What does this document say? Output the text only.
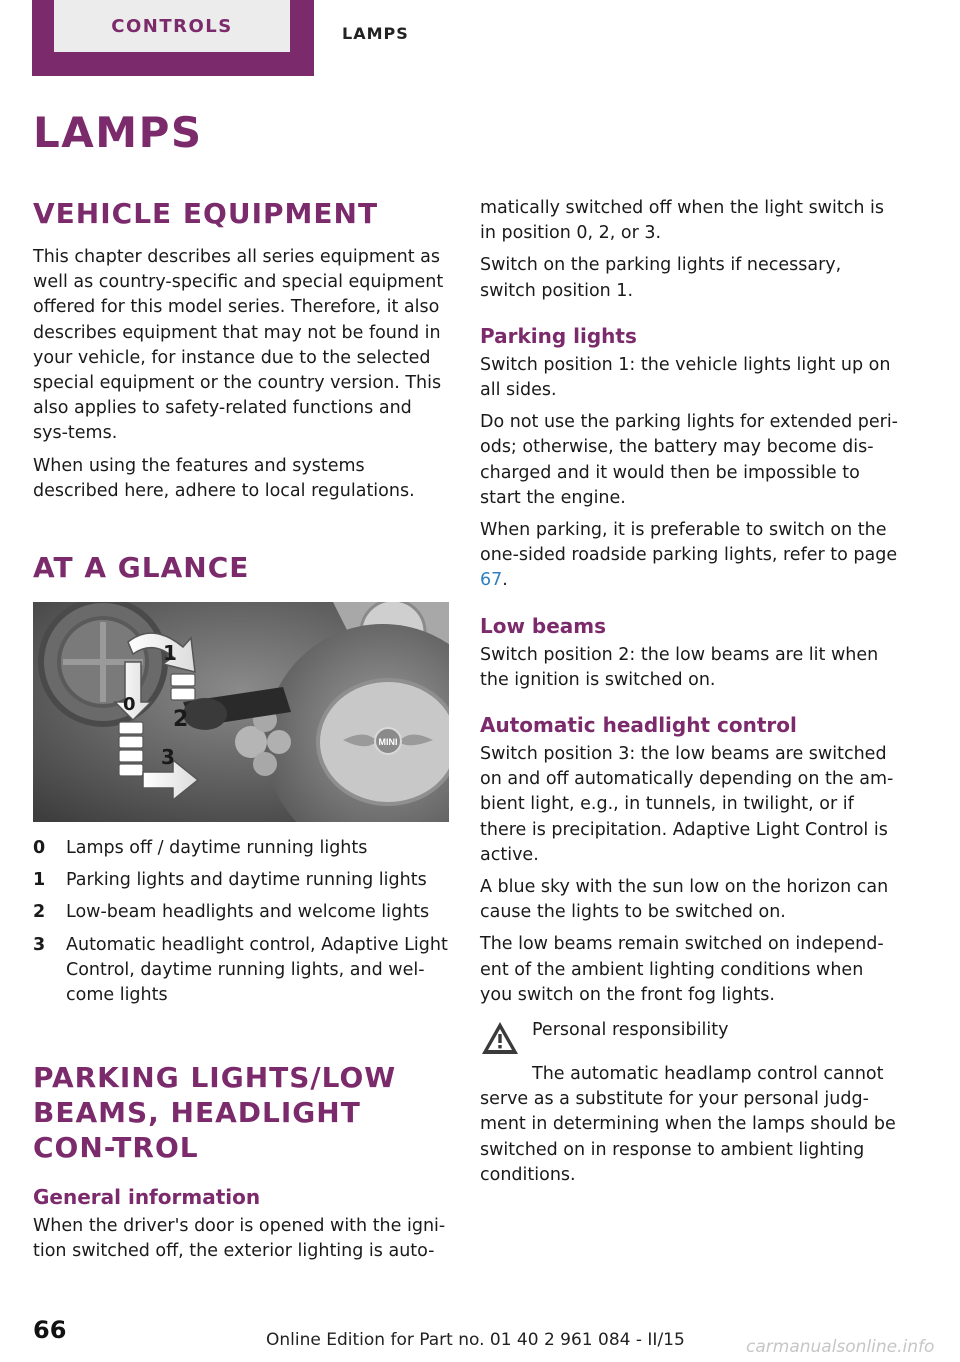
CONTROLS	LAMPS
LAMPS
VEHICLE EQUIPMENT

This chapter describes all series equipment as well as country-specific and special equipment offered for this model series. Therefore, it also describes equipment that may not be found in your vehicle, for instance due to the selected special equipment or the country version. This also applies to safety-related functions and sys-tems.

When using the features and systems described here, adhere to local regulations.

AT A GLANCE
MINI
0
1
2
3
0	Lamps off / daytime running lights
1	Parking lights and daytime running lights
2	Low-beam headlights and welcome lights
3	Automatic headlight control, Adaptive Light Control, daytime running lights, and wel-come lights
PARKING LIGHTS/LOW BEAMS, HEADLIGHT CON-TROL
General information

When the driver's door is opened with the igni-tion switched off, the exterior lighting is auto-

matically switched off when the light switch is in position 0, 2, or 3.

Switch on the parking lights if necessary, switch position 1.

Parking lights

Switch position 1: the vehicle lights light up on all sides.

Do not use the parking lights for extended peri-ods; otherwise, the battery may become dis-charged and it would then be impossible to start the engine.

When parking, it is preferable to switch on the one-sided roadside parking lights, refer to page 67.

Low beams

Switch position 2: the low beams are lit when the ignition is switched on.

Automatic headlight control

Switch position 3: the low beams are switched on and off automatically depending on the am-bient light, e.g., in tunnels, in twilight, or if there is precipitation. Adaptive Light Control is active.

A blue sky with the sun low on the horizon can cause the lights to be switched on.

The low beams remain switched on independ-ent of the ambient lighting conditions when you switch on the front fog lights.

Personal responsibility

The automatic headlamp control cannot serve as a substitute for your personal judg-ment in determining when the lamps should be switched on in response to ambient lighting conditions.

66	Online Edition for Part no. 01 40 2 961 084 - II/15	carmanualsonline.info
